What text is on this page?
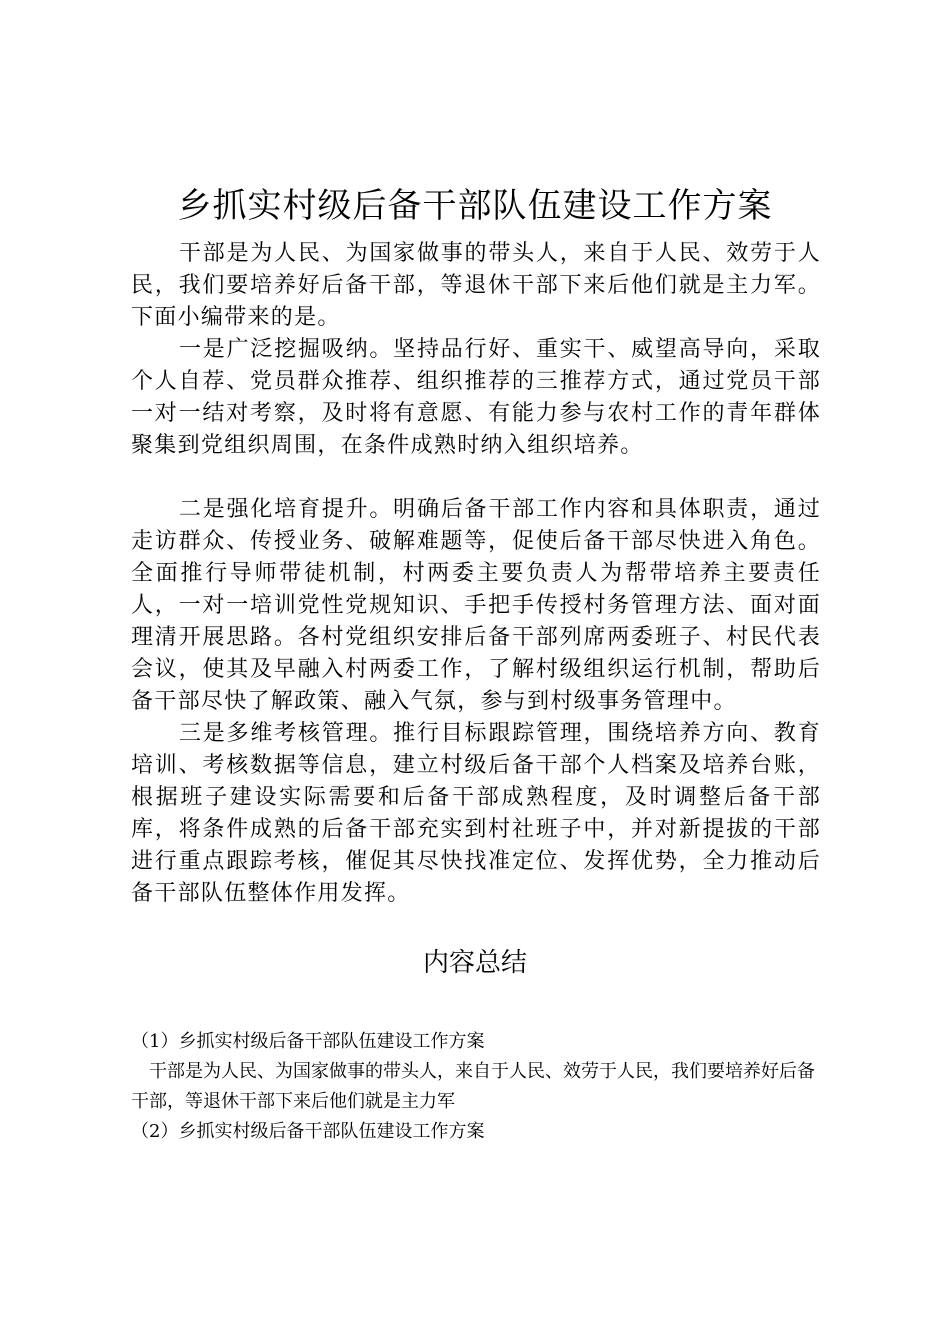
乡抓实村级后备干部队伍建设工作方案

干部是为人民、为国家做事的带头人，来自于人民、效劳于人民，我们要培养好后备干部，等退休干部下来后他们就是主力军。下面小编带来的是。

一是广泛挖掘吸纳。坚持品行好、重实干、威望高导向，采取个人自荐、党员群众推荐、组织推荐的三推荐方式，通过党员干部一对一结对考察，及时将有意愿、有能力参与农村工作的青年群体聚集到党组织周围，在条件成熟时纳入组织培养。

二是强化培育提升。明确后备干部工作内容和具体职责，通过走访群众、传授业务、破解难题等，促使后备干部尽快进入角色。全面推行导师带徒机制，村两委主要负责人为帮带培养主要责任人，一对一培训党性党规知识、手把手传授村务管理方法、面对面理清开展思路。各村党组织安排后备干部列席两委班子、村民代表会议，使其及早融入村两委工作，了解村级组织运行机制，帮助后备干部尽快了解政策、融入气氛，参与到村级事务管理中。

三是多维考核管理。推行目标跟踪管理，围绕培养方向、教育培训、考核数据等信息，建立村级后备干部个人档案及培养台账，根据班子建设实际需要和后备干部成熟程度，及时调整后备干部库，将条件成熟的后备干部充实到村社班子中，并对新提拔的干部进行重点跟踪考核，催促其尽快找准定位、发挥优势，全力推动后备干部队伍整体作用发挥。

内容总结

（1）乡抓实村级后备干部队伍建设工作方案

干部是为人民、为国家做事的带头人，来自于人民、效劳于人民，我们要培养好后备干部，等退休干部下来后他们就是主力军

（2）乡抓实村级后备干部队伍建设工作方案
